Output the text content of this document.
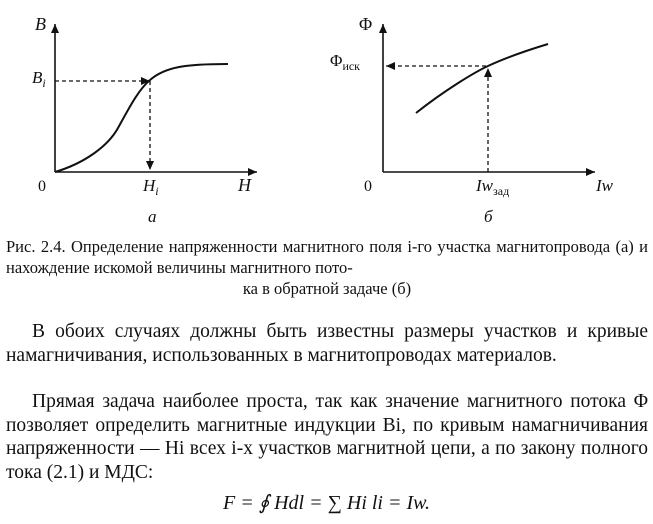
B
H
0
$B_i$
$H_i$
a
Φ
Iw
0
$\Phi_{иск}$
$Iw_{зад}$
б
Рис. 2.4. Определение напряженности магнитного поля i-го участка магнитопровода (a) и нахождение искомой величины магнитного пото-
ка в обратной задаче (б)
В обоих случаях должны быть известны размеры участков и кривые намагничивания, использованных в магнитопроводах материалов.
Прямая задача наиболее проста, так как значение магнитного потока Φ позволяет определить магнитные индукции Bi, по кривым намагничивания напряженности — Hi всех i-х участков магнитной цепи, а по закону полного тока (2.1) и МДС:
F = ∮ Hdl = ∑ Hi li = Iw.
